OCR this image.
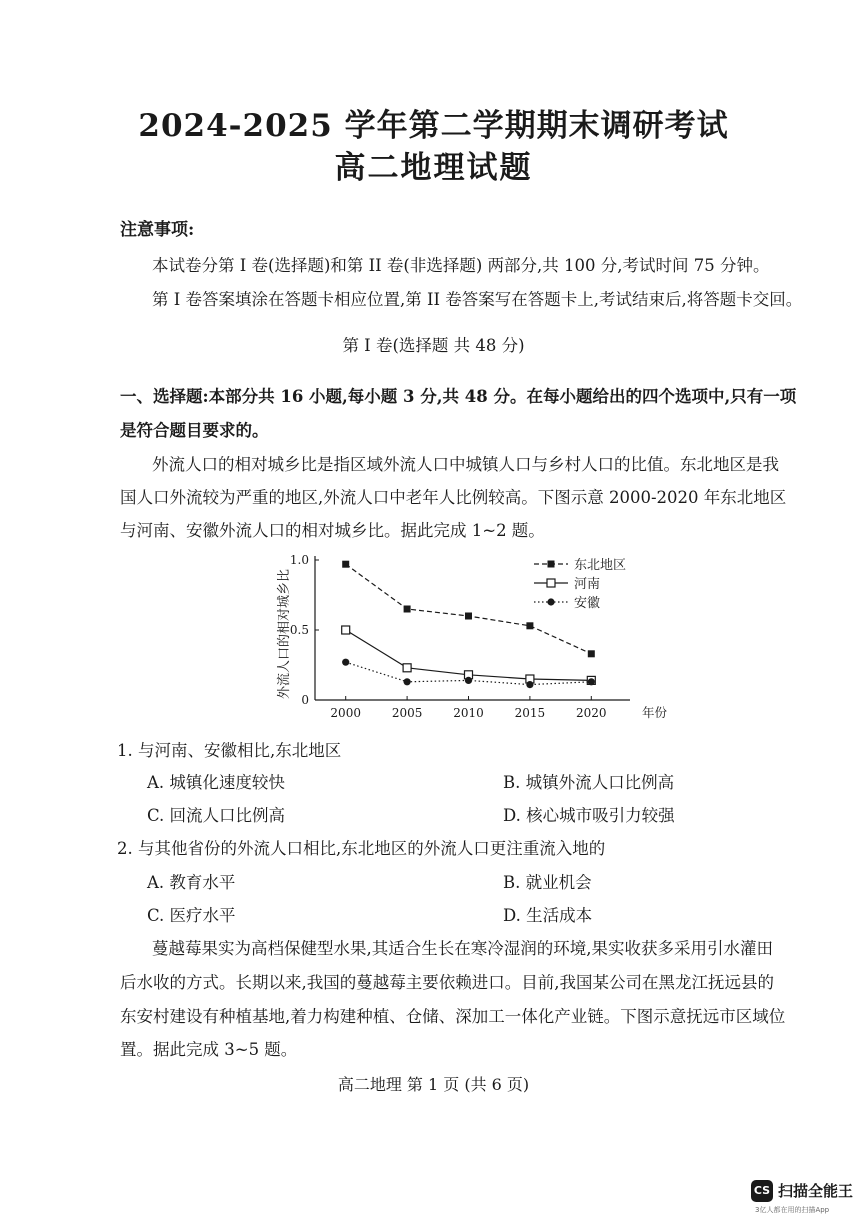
2024-2025 学年第二学期期末调研考试
高二地理试题
注意事项:
本试卷分第 I 卷(选择题)和第 II 卷(非选择题) 两部分,共 100 分,考试时间 75 分钟。
第 I 卷答案填涂在答题卡相应位置,第 II 卷答案写在答题卡上,考试结束后,将答题卡交回。
第 I 卷(选择题 共 48 分)
一、选择题:本部分共 16 小题,每小题 3 分,共 48 分。在每小题给出的四个选项中,只有一项
是符合题目要求的。
外流人口的相对城乡比是指区域外流人口中城镇人口与乡村人口的比值。东北地区是我
国人口外流较为严重的地区,外流人口中老年人比例较高。下图示意 2000-2020 年东北地区
与河南、安徽外流人口的相对城乡比。据此完成 1~2 题。
外流人口的相对城乡比
0
0.5
1.0
2000	2005	2010	2015	2020	年份
东北地区
河南
安徽
1. 与河南、安徽相比,东北地区
A. 城镇化速度较快	B. 城镇外流人口比例高
C. 回流人口比例高	D. 核心城市吸引力较强
2. 与其他省份的外流人口相比,东北地区的外流人口更注重流入地的
A. 教育水平	B. 就业机会
C. 医疗水平	D. 生活成本
蔓越莓果实为高档保健型水果,其适合生长在寒冷湿润的环境,果实收获多采用引水灌田
后水收的方式。长期以来,我国的蔓越莓主要依赖进口。目前,我国某公司在黑龙江抚远县的
东安村建设有种植基地,着力构建种植、仓储、深加工一体化产业链。下图示意抚远市区域位
置。据此完成 3~5 题。
高二地理 第 1 页 (共 6 页)
CS 扫描全能王
3亿人都在用的扫描App
